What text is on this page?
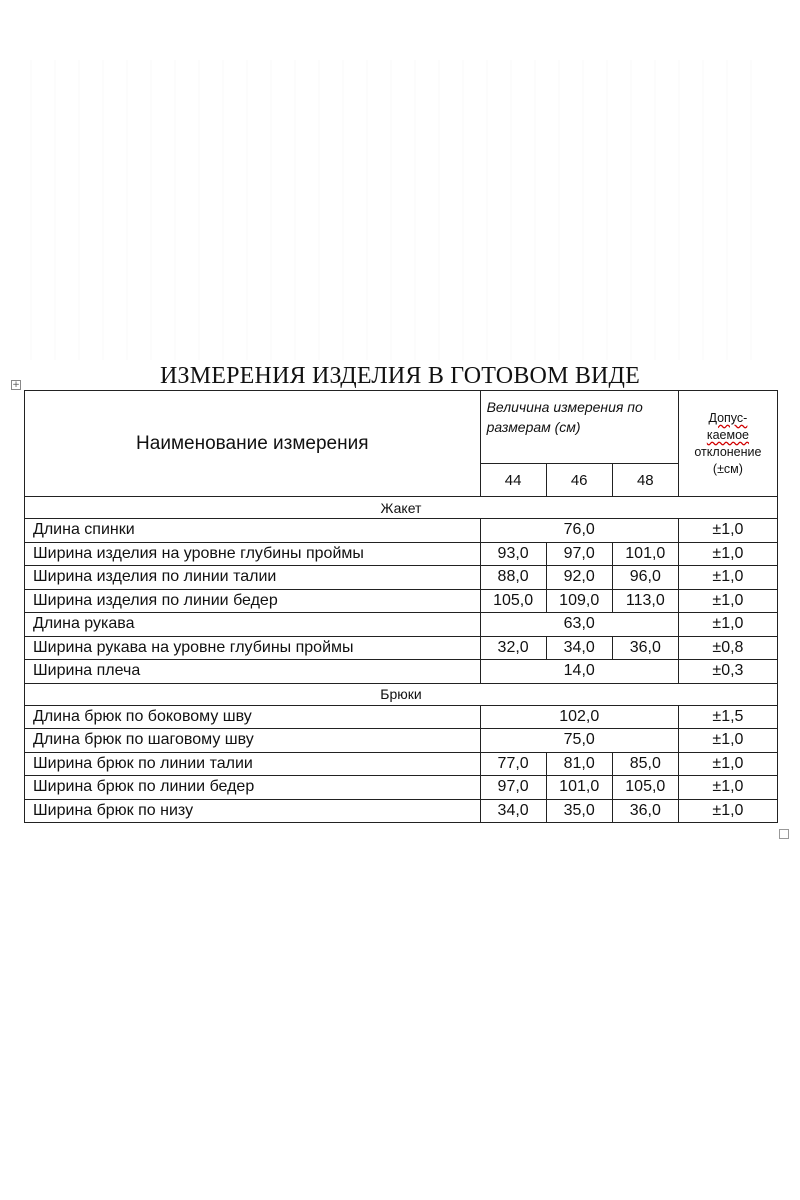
+	ИЗМЕРЕНИЯ ИЗДЕЛИЯ В ГОТОВОМ ВИДЕ
Наименование измерения	Величина измерения по размерам (см)			Допус-
каемое
отклонение
(±см)
	44	46	48	
Жакет				
Длина спинки	76,0			±1,0
Ширина изделия на уровне глубины проймы	93,0	97,0	101,0	±1,0
Ширина изделия по линии талии	88,0	92,0	96,0	±1,0
Ширина изделия по линии бедер	105,0	109,0	113,0	±1,0
Длина рукава	63,0			±1,0
Ширина рукава на уровне глубины проймы	32,0	34,0	36,0	±0,8
Ширина плеча	14,0			±0,3
Брюки				
Длина брюк по боковому шву	102,0			±1,5
Длина брюк по шаговому шву	75,0			±1,0
Ширина брюк по линии талии	77,0	81,0	85,0	±1,0
Ширина брюк по линии бедер	97,0	101,0	105,0	±1,0
Ширина брюк по низу	34,0	35,0	36,0	±1,0
